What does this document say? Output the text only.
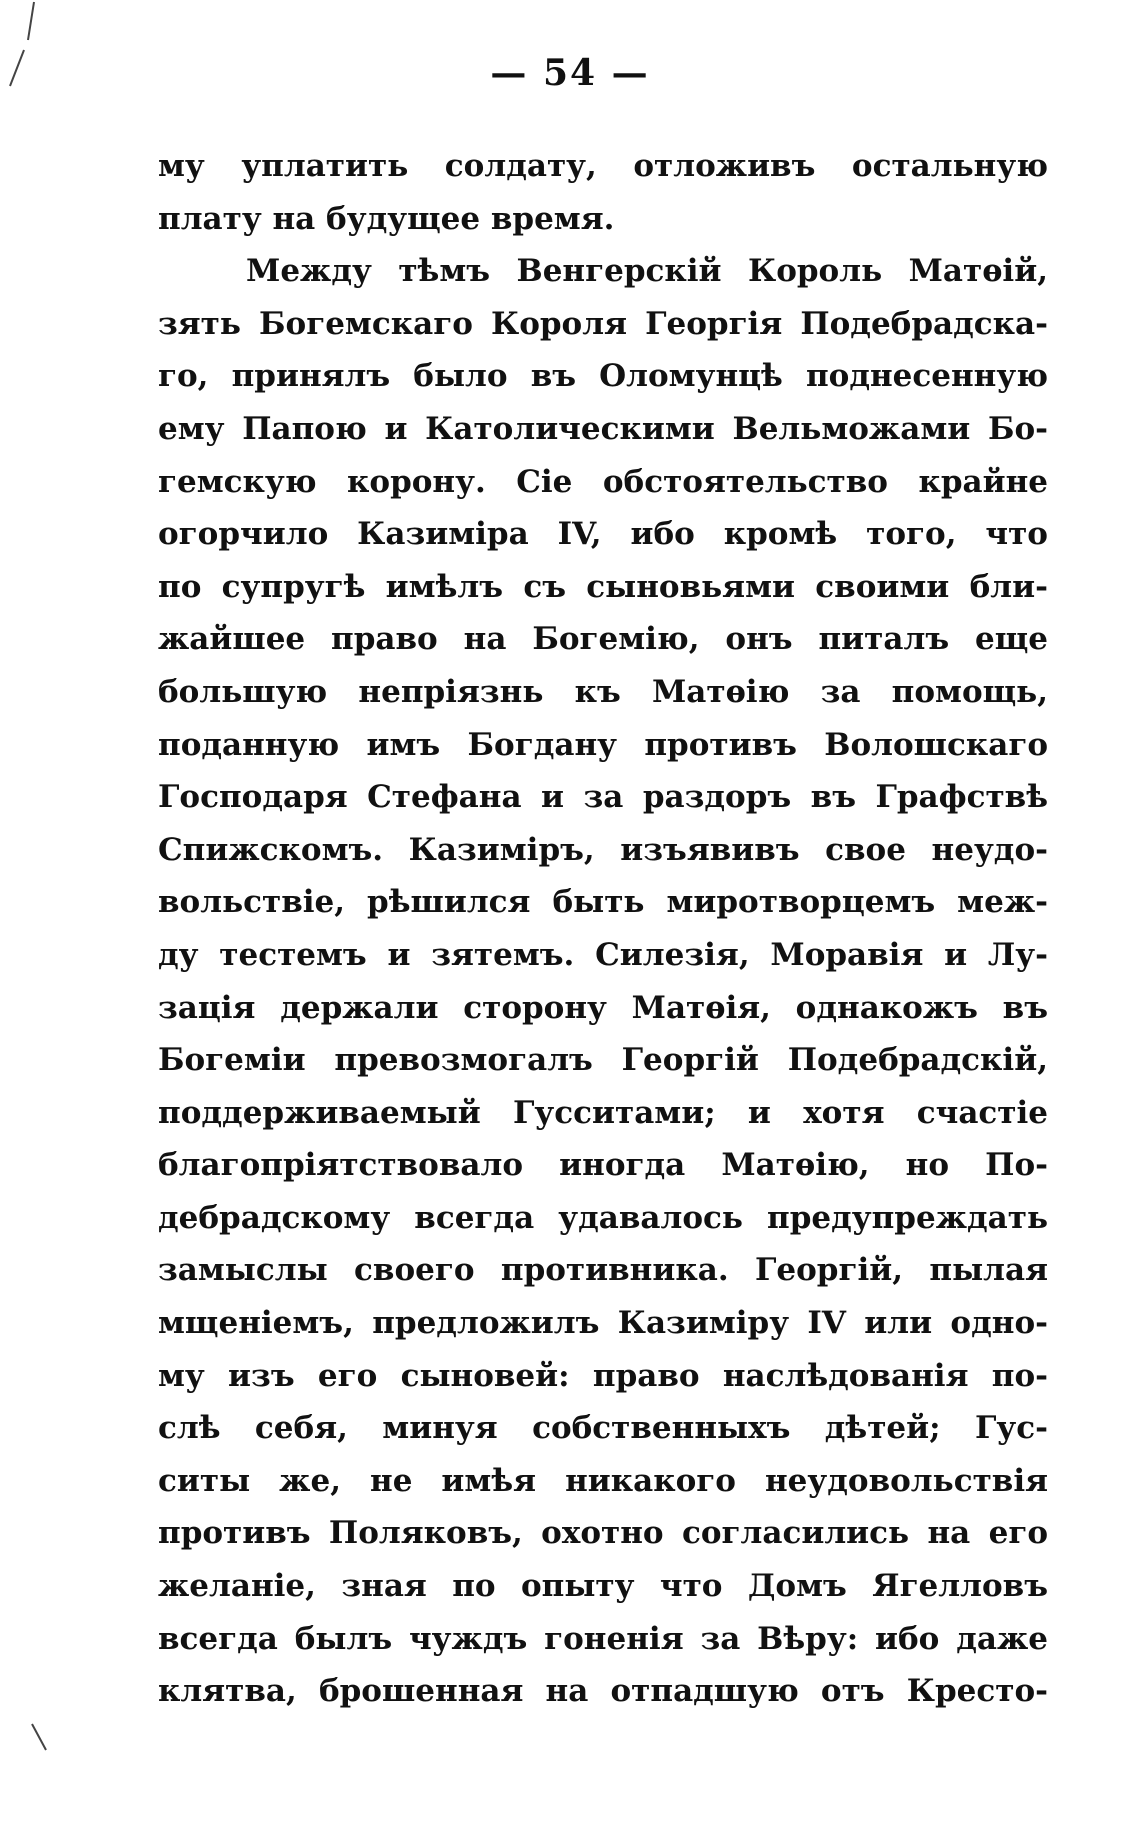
— 54 —
му уплатить солдату, отложивъ остальную
плату на будущее время.
Между тѣмъ Венгерскій Король Матѳій,
зять Богемскаго Короля Георгія Подебрадска-
го, принялъ было въ Оломунцѣ поднесенную
ему Папою и Католическими Вельможами Бо-
гемскую корону. Сіе обстоятельство крайне
огорчило Казиміра IV, ибо кромѣ того, что
по супругѣ имѣлъ съ сыновьями своими бли-
жайшее право на Богемію, онъ питалъ еще
большую непріязнь къ Матѳію за помощь,
поданную имъ Богдану противъ Волошскаго
Господаря Стефана и за раздоръ въ Графствѣ
Спижскомъ. Казиміръ, изъявивъ свое неудо-
вольствіе, рѣшился быть миротворцемъ меж-
ду тестемъ и зятемъ. Силезія, Моравія и Лу-
зація держали сторону Матѳія, однакожъ въ
Богеміи превозмогалъ Георгій Подебрадскій,
поддерживаемый Гусситами; и хотя счастіе
благопріятствовало иногда Матѳію, но По-
дебрадскому всегда удавалось предупреждать
замыслы своего противника. Георгій, пылая
мщеніемъ, предложилъ Казиміру IV или одно-
му изъ его сыновей: право наслѣдованія по-
слѣ себя, минуя собственныхъ дѣтей; Гус-
ситы же, не имѣя никакого неудовольствія
противъ Поляковъ, охотно согласились на его
желаніе, зная по опыту что Домъ Ягелловъ
всегда былъ чуждъ гоненія за Вѣру: ибо даже
клятва, брошенная на отпадшую отъ Кресто-
